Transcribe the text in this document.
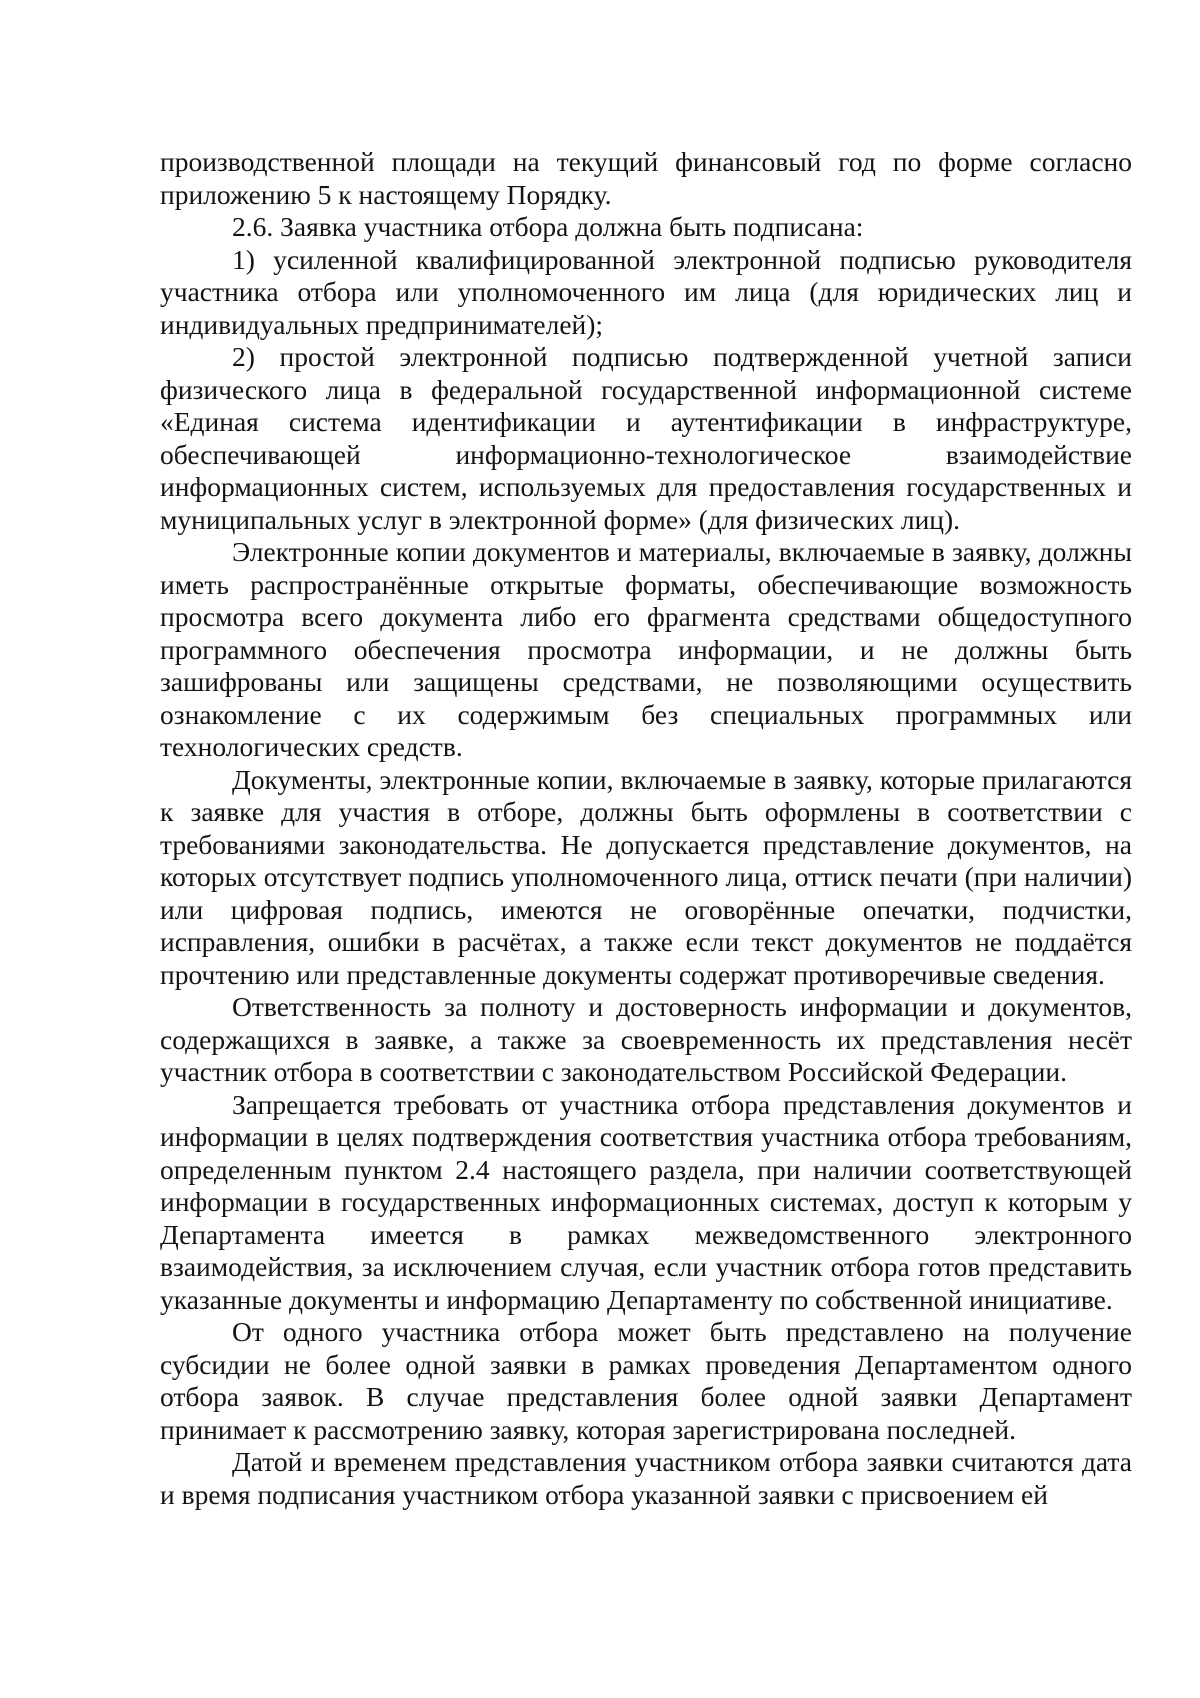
производственной площади на текущий финансовый год по форме согласно приложению 5 к настоящему Порядку.

2.6. Заявка участника отбора должна быть подписана:

1) усиленной квалифицированной электронной подписью руководителя участника отбора или уполномоченного им лица (для юридических лиц и индивидуальных предпринимателей);

2) простой электронной подписью подтвержденной учетной записи физического лица в федеральной государственной информационной системе «Единая система идентификации и аутентификации в инфраструктуре, обеспечивающей информационно-технологическое взаимодействие информационных систем, используемых для предоставления государственных и муниципальных услуг в электронной форме» (для физических лиц).

Электронные копии документов и материалы, включаемые в заявку, должны иметь распространённые открытые форматы, обеспечивающие возможность просмотра всего документа либо его фрагмента средствами общедоступного программного обеспечения просмотра информации, и не должны быть зашифрованы или защищены средствами, не позволяющими осуществить ознакомление с их содержимым без специальных программных или технологических средств.

Документы, электронные копии, включаемые в заявку, которые прилагаются к заявке для участия в отборе, должны быть оформлены в соответствии с требованиями законодательства. Не допускается представление документов, на которых отсутствует подпись уполномоченного лица, оттиск печати (при наличии) или цифровая подпись, имеются не оговорённые опечатки, подчистки, исправления, ошибки в расчётах, а также если текст документов не поддаётся прочтению или представленные документы содержат противоречивые сведения.

Ответственность за полноту и достоверность информации и документов, содержащихся в заявке, а также за своевременность их представления несёт участник отбора в соответствии с законодательством Российской Федерации.

Запрещается требовать от участника отбора представления документов и информации в целях подтверждения соответствия участника отбора требованиям, определенным пунктом 2.4 настоящего раздела, при наличии соответствующей информации в государственных информационных системах, доступ к которым у Департамента имеется в рамках межведомственного электронного взаимодействия, за исключением случая, если участник отбора готов представить указанные документы и информацию Департаменту по собственной инициативе.

От одного участника отбора может быть представлено на получение субсидии не более одной заявки в рамках проведения Департаментом одного отбора заявок. В случае представления более одной заявки Департамент принимает к рассмотрению заявку, которая зарегистрирована последней.

Датой и временем представления участником отбора заявки считаются дата и время подписания участником отбора указанной заявки с присвоением ей
